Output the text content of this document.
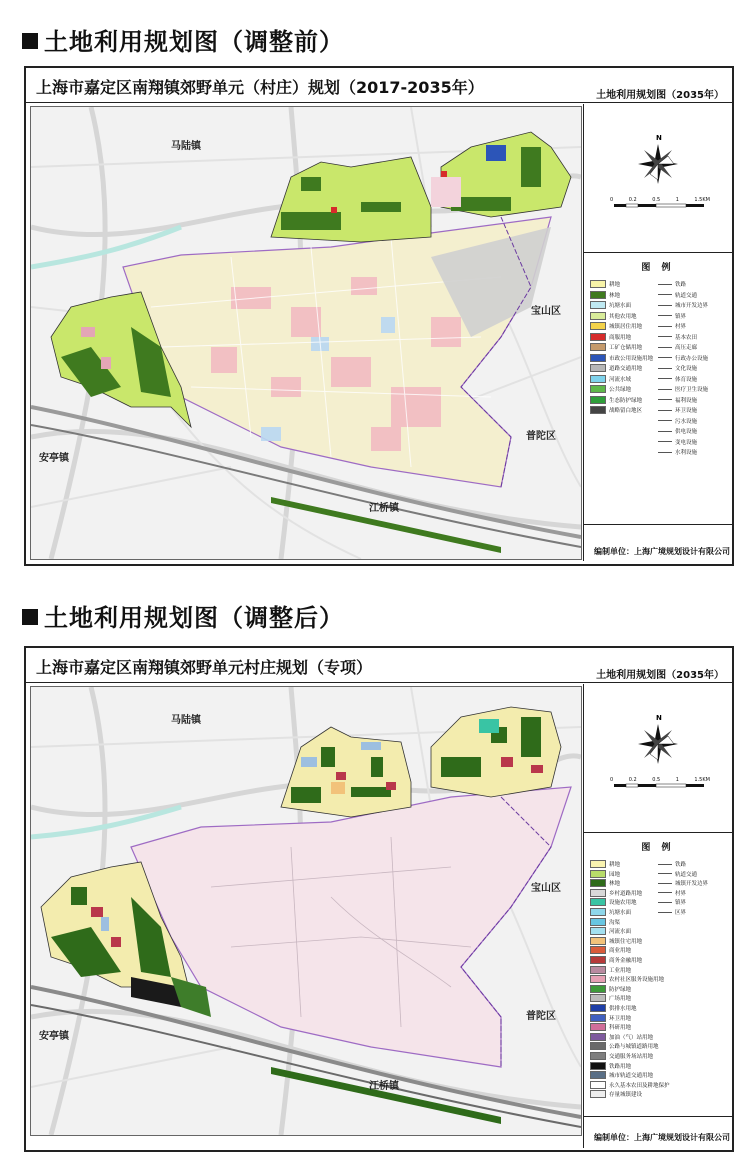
土地利用规划图（调整前）
上海市嘉定区南翔镇郊野单元（村庄）规划（2017-2035年）	土地利用规划图（2035年）
马陆镇
宝山区
普陀区
安亭镇
江桥镇
N
0	0.2	0.5	1	1.5KM
图 例
耕地
林地
坑塘水面
其他农用地
城镇居住用地
商服用地
工矿仓储用地
市政公用设施用地
道路交通用地
河流水域
公共绿地
生态防护绿地
战略留白地区
铁路
轨道交通
城市开发边界
镇界
村界
基本农田
高压走廊
行政办公设施
文化设施
体育设施
医疗卫生设施
福利设施
环卫设施
污水设施
供电设施
变电设施
水利设施
编制单位：上海广境规划设计有限公司
土地利用规划图（调整后）
上海市嘉定区南翔镇郊野单元村庄规划（专项）	土地利用规划图（2035年）
马陆镇
宝山区
普陀区
安亭镇
江桥镇
N
0	0.2	0.5	1	1.5KM
图 例
耕地
园地
林地
乡村道路用地
设施农用地
坑塘水面
沟渠
河流水面
城镇住宅用地
商业用地
商务金融用地
工业用地
农村社区服务设施用地
防护绿地
广场用地
供排水用地
环卫用地
科研用地
加油（气）站用地
公路与城镇道路用地
交通服务场站用地
铁路用地
城市轨道交通用地
永久基本农田及耕地保护
存量城镇建设
铁路
轨道交通
城镇开发边界
村界
镇界
区界
编制单位：上海广境规划设计有限公司
